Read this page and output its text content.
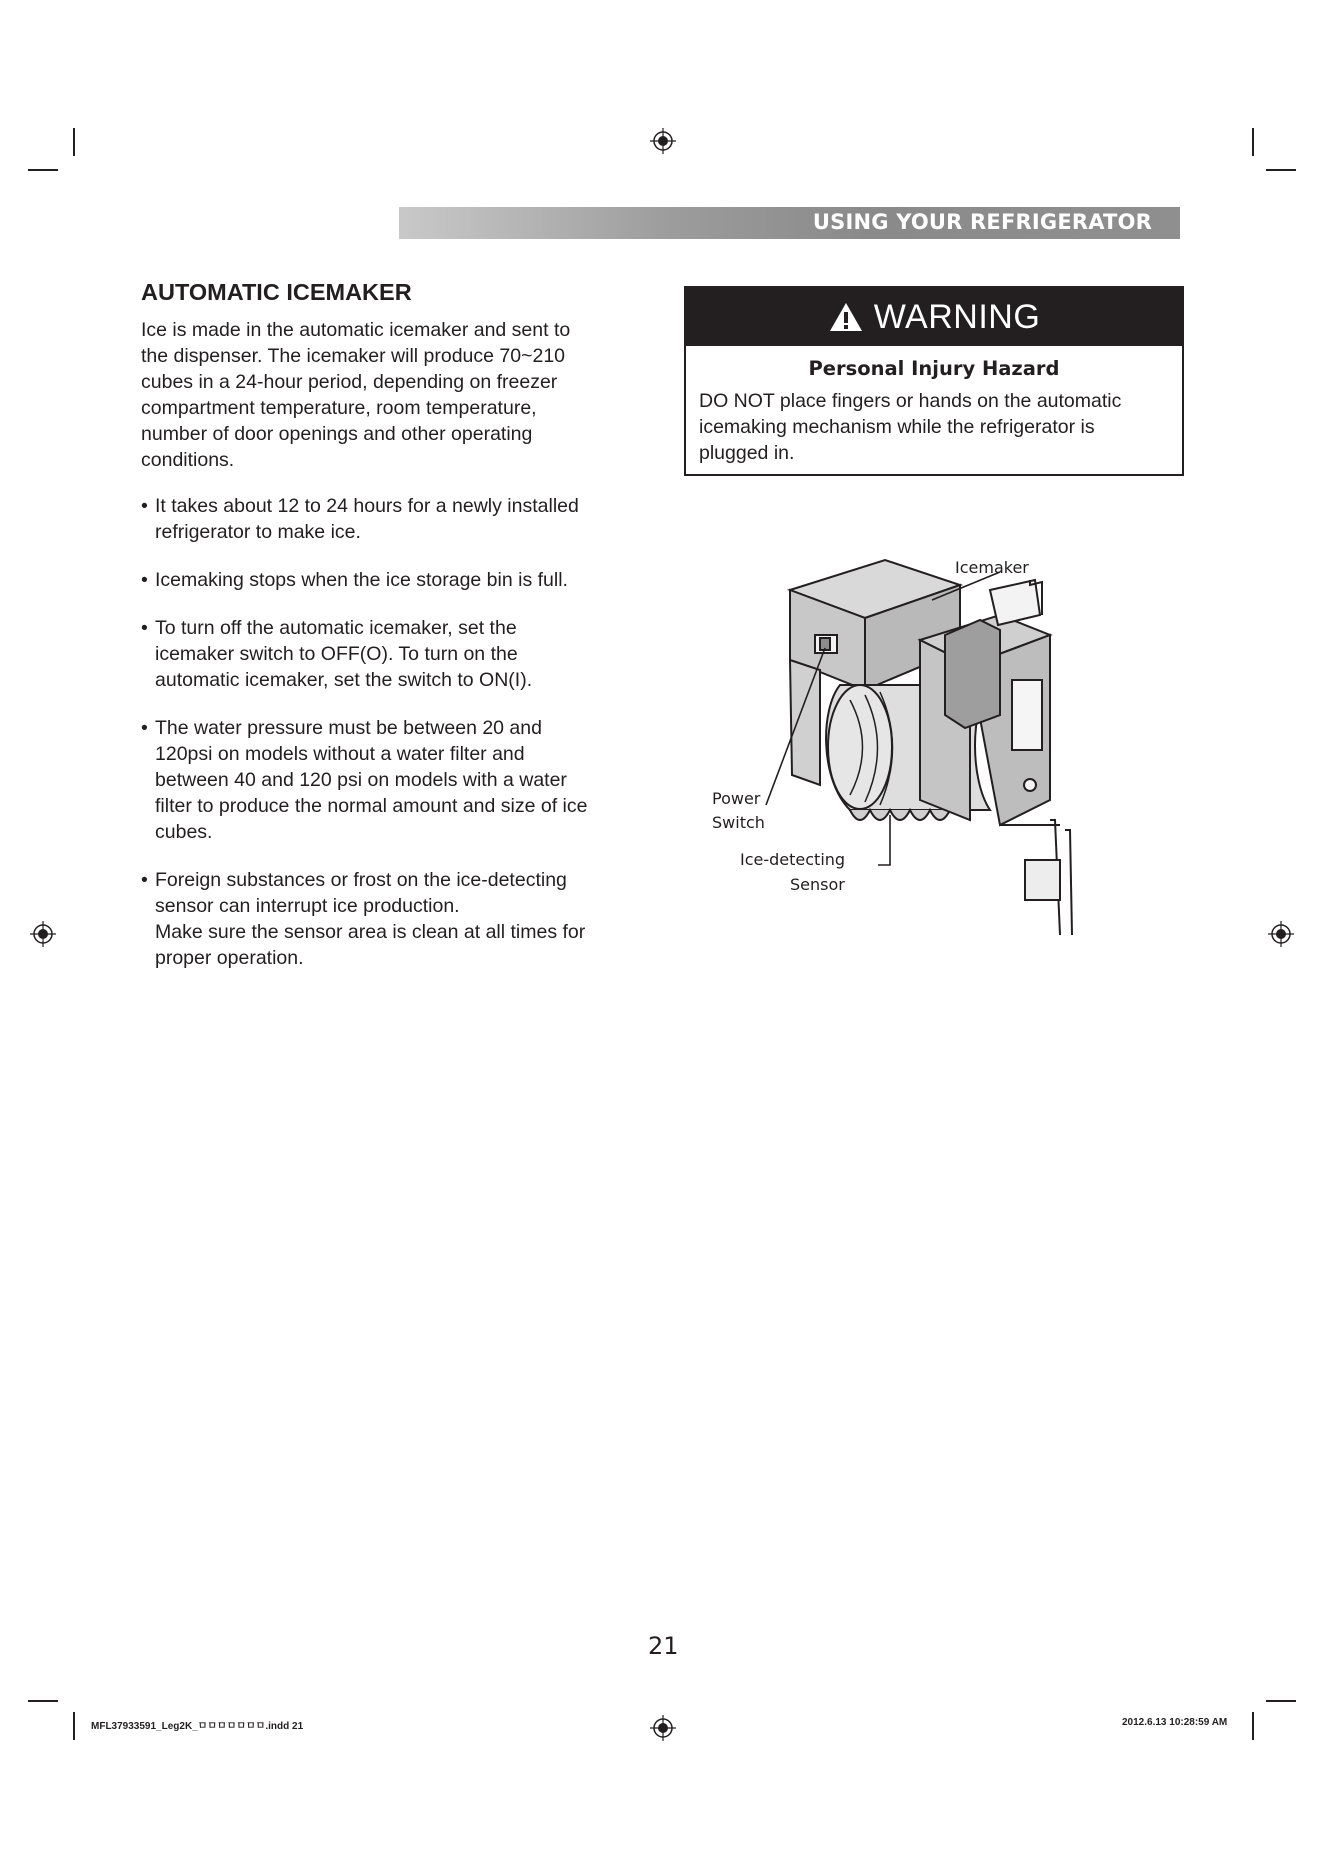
USING YOUR REFRIGERATOR
AUTOMATIC ICEMAKER

Ice is made in the automatic icemaker and sent to
the dispenser. The icemaker will produce 70~210
cubes in a 24-hour period, depending on freezer
compartment temperature, room temperature,
number of door openings and other operating
conditions.

• It takes about 12 to 24 hours for a newly installed
refrigerator to make ice.
• Icemaking stops when the ice storage bin is full.
• To turn off the automatic icemaker, set the
icemaker switch to OFF(O). To turn on the
automatic icemaker, set the switch to ON(I).
• The water pressure must be between 20 and
120psi on models without a water filter and
between 40 and 120 psi on models with a water
filter to produce the normal amount and size of ice
cubes.
• Foreign substances or frost on the ice-detecting
sensor can interrupt ice production.
Make sure the sensor area is clean at all times for
proper operation.
WARNING
Personal Injury Hazard
DO NOT place fingers or hands on the automatic
icemaking mechanism while the refrigerator is
plugged in.
Icemaker
Power
Switch
Ice-detecting
Sensor
21
MFL37933591_Leg2K_ㅁㅁㅁㅁㅁㅁㅁ.indd 21	2012.6.13 10:28:59 AM
